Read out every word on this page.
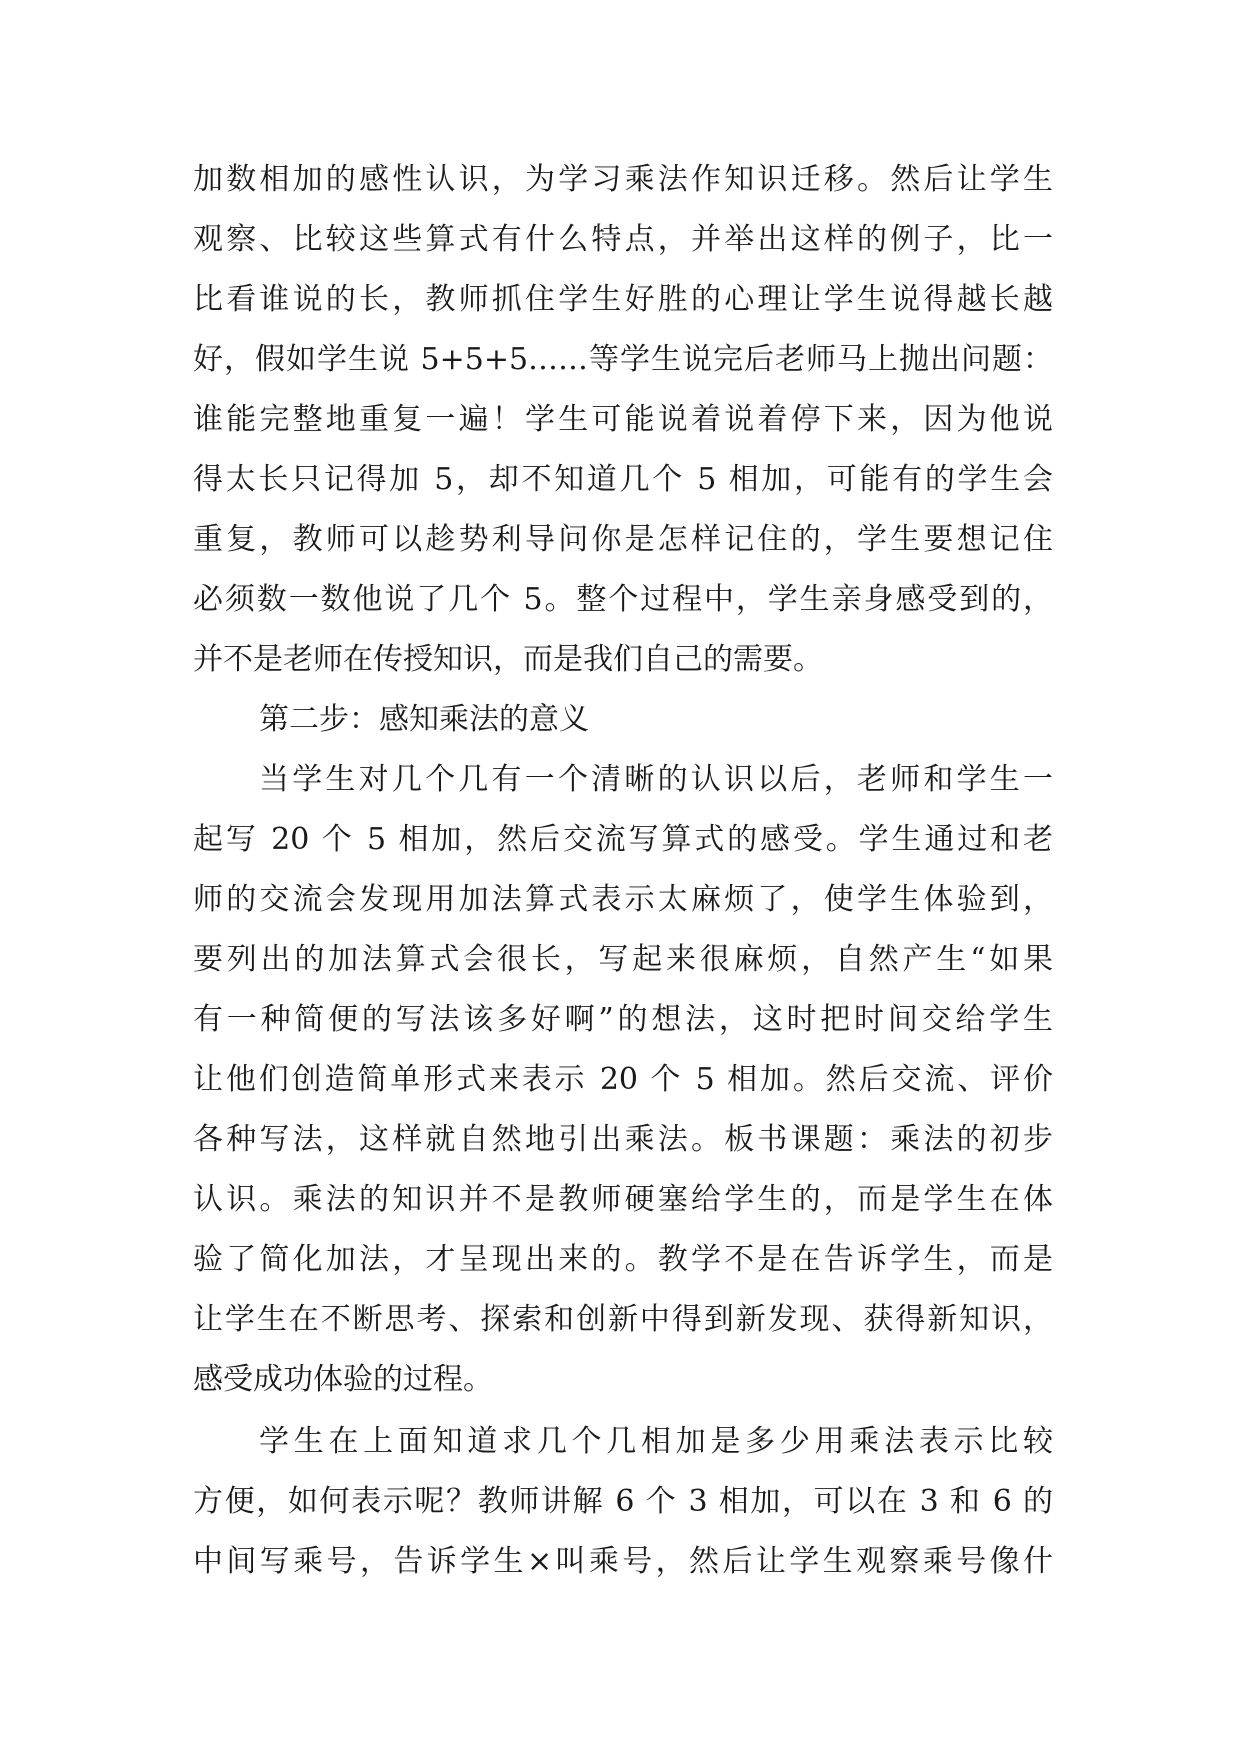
加数相加的感性认识，为学习乘法作知识迁移。然后让学生
观察、比较这些算式有什么特点，并举出这样的例子，比一
比看谁说的长，教师抓住学生好胜的心理让学生说得越长越
好，假如学生说 5+5+5……等学生说完后老师马上抛出问题：
谁能完整地重复一遍！学生可能说着说着停下来，因为他说
得太长只记得加 5，却不知道几个 5 相加，可能有的学生会
重复，教师可以趁势利导问你是怎样记住的，学生要想记住
必须数一数他说了几个 5。整个过程中，学生亲身感受到的，
并不是老师在传授知识，而是我们自己的需要。
第二步：感知乘法的意义
当学生对几个几有一个清晰的认识以后，老师和学生一
起写 20 个 5 相加，然后交流写算式的感受。学生通过和老
师的交流会发现用加法算式表示太麻烦了，使学生体验到，
要列出的加法算式会很长，写起来很麻烦，自然产生“如果
有一种简便的写法该多好啊”的想法，这时把时间交给学生
让他们创造简单形式来表示 20 个 5 相加。然后交流、评价
各种写法，这样就自然地引出乘法。板书课题：乘法的初步
认识。乘法的知识并不是教师硬塞给学生的，而是学生在体
验了简化加法，才呈现出来的。教学不是在告诉学生，而是
让学生在不断思考、探索和创新中得到新发现、获得新知识，
感受成功体验的过程。
学生在上面知道求几个几相加是多少用乘法表示比较
方便，如何表示呢？教师讲解 6 个 3 相加，可以在 3 和 6 的
中间写乘号，告诉学生×叫乘号，然后让学生观察乘号像什
